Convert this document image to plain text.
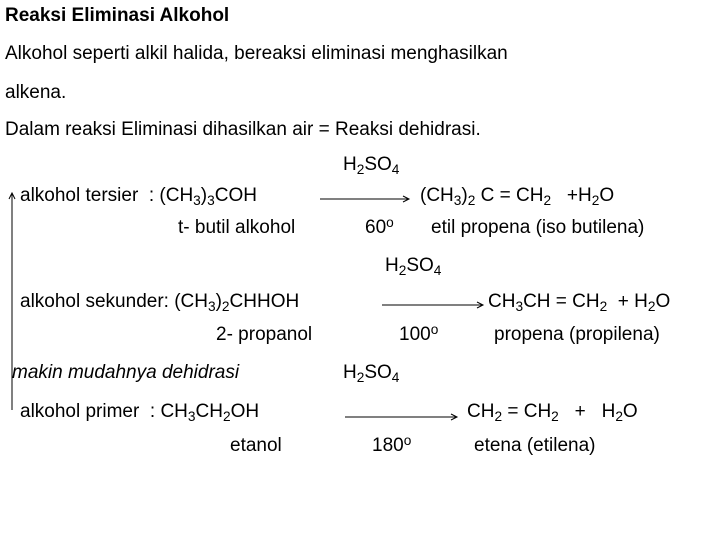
Reaksi Eliminasi Alkohol
Alkohol seperti alkil halida, bereaksi eliminasi menghasilkan
alkena.
Dalam reaksi Eliminasi dihasilkan air = Reaksi dehidrasi.
$H_2SO_4$
alkohol tersier : $(CH_3)_3COH$	$(CH_3)_2$ $C = CH_2 +H_2O$
t- butil alkohol	60$^o$ etil propena (iso butilena)
$H_2SO_4$
alkohol sekunder: $(CH_3)_2CHHOH$	$CH_3CH = CH_2 + H_2O$
2- propanol	100$^o$	propena (propilena)
makin mudahnya dehidrasi	$H_2SO_4$
alkohol primer : $CH_3CH_2OH$	$CH_2 = CH_2 + H_2O$
etanol	180$^o$	etena (etilena)
